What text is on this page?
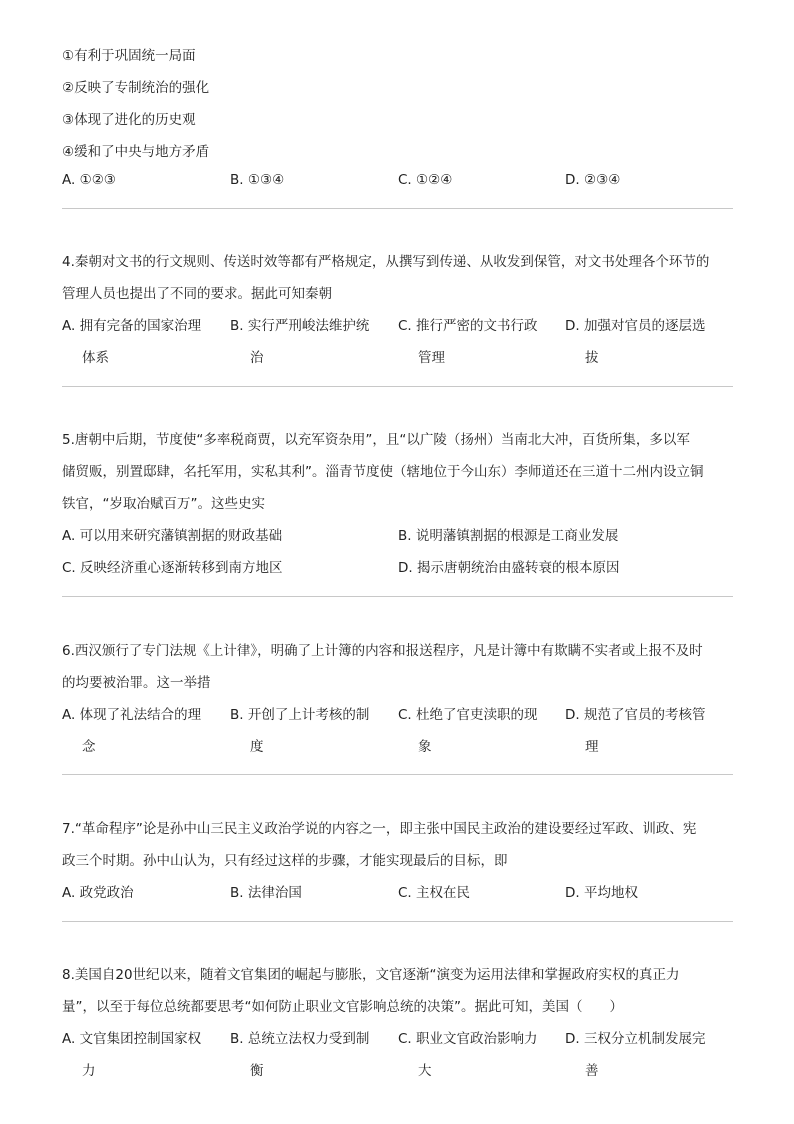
①有利于巩固统一局面
②反映了专制统治的强化
③体现了进化的历史观
④缓和了中央与地方矛盾
A. ①②③	B. ①③④	C. ①②④	D. ②③④
4.秦朝对文书的行文规则、传送时效等都有严格规定，从撰写到传递、从收发到保管，对文书处理各个环节的
管理人员也提出了不同的要求。据此可知秦朝
A. 拥有完备的国家治理
体系
B. 实行严刑峻法维护统
治
C. 推行严密的文书行政
管理
D. 加强对官员的逐层选
拔
5.唐朝中后期，节度使“多率税商贾，以充军资杂用”，且“以广陵（扬州）当南北大冲，百货所集，多以军
储贸贩，别置邸肆，名托军用，实私其利”。淄青节度使（辖地位于今山东）李师道还在三道十二州内设立铜
铁官，“岁取冶赋百万”。这些史实
A. 可以用来研究藩镇割据的财政基础	B. 说明藩镇割据的根源是工商业发展
C. 反映经济重心逐渐转移到南方地区	D. 揭示唐朝统治由盛转衰的根本原因
6.西汉颁行了专门法规《上计律》，明确了上计簿的内容和报送程序，凡是计簿中有欺瞒不实者或上报不及时
的均要被治罪。这一举措
A. 体现了礼法结合的理
念
B. 开创了上计考核的制
度
C. 杜绝了官吏渎职的现
象
D. 规范了官员的考核管
理
7.“革命程序”论是孙中山三民主义政治学说的内容之一，即主张中国民主政治的建设要经过军政、训政、宪
政三个时期。孙中山认为，只有经过这样的步骤，才能实现最后的目标，即
A. 政党政治	B. 法律治国	C. 主权在民	D. 平均地权
8.美国自20世纪以来，随着文官集团的崛起与膨胀，文官逐渐“演变为运用法律和掌握政府实权的真正力
量”，以至于每位总统都要思考“如何防止职业文官影响总统的决策”。据此可知，美国（　　）
A. 文官集团控制国家权
力
B. 总统立法权力受到制
衡
C. 职业文官政治影响力
大
D. 三权分立机制发展完
善
